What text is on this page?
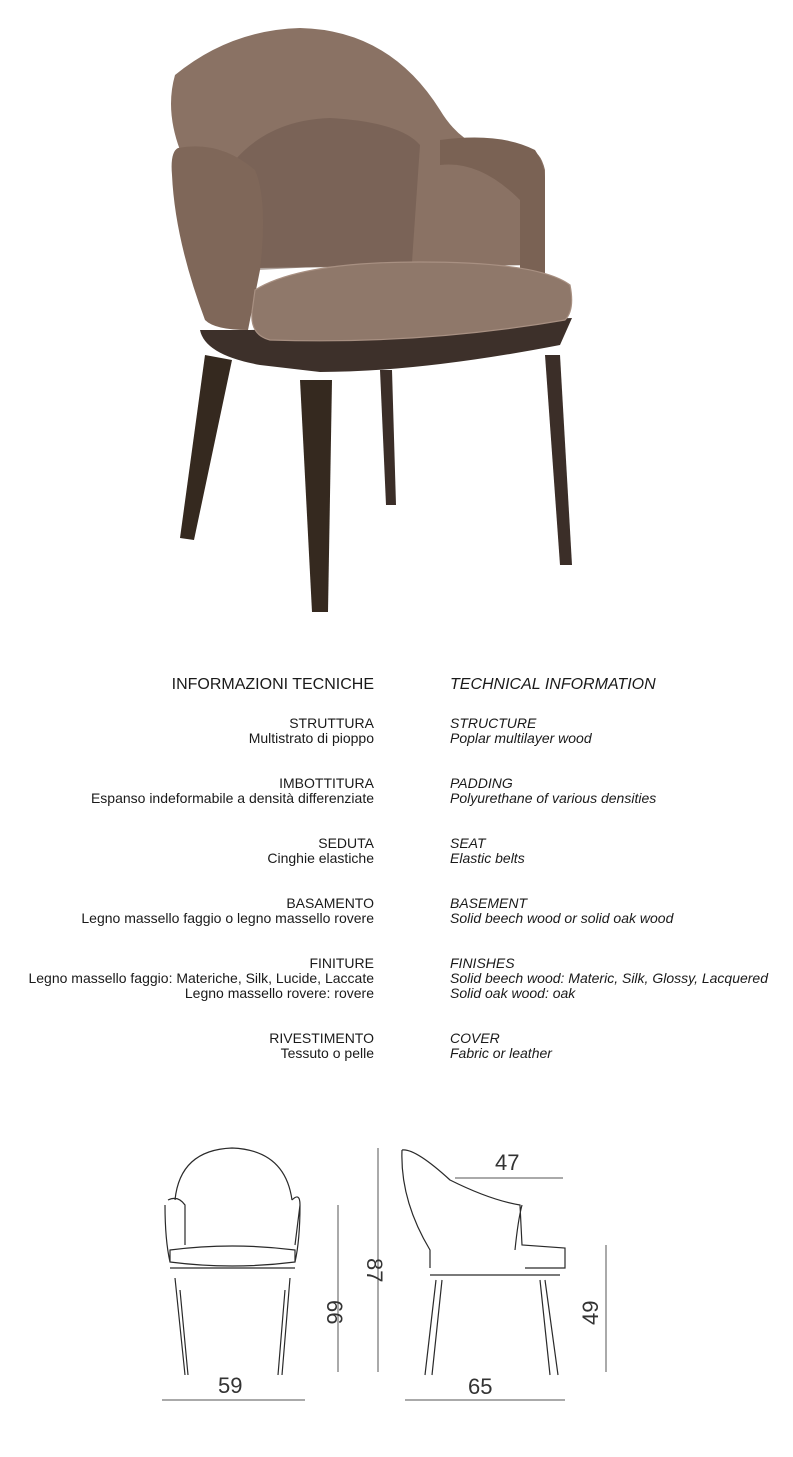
INFORMAZIONI TECNICHE	TECHNICAL INFORMATION
STRUTTURA
Multistrato di pioppo
IMBOTTITURA
Espanso indeformabile a densità differenziate
SEDUTA
Cinghie elastiche
BASAMENTO
Legno massello faggio o legno massello rovere
FINITURE
Legno massello faggio: Materiche, Silk, Lucide, Laccate
Legno massello rovere: rovere
RIVESTIMENTO
Tessuto o pelle
STRUCTURE
Poplar multilayer wood
PADDING
Polyurethane of various densities
SEAT
Elastic belts
BASEMENT
Solid beech wood or solid oak wood
FINISHES
Solid beech wood: Materic, Silk, Glossy, Lacquered
Solid oak wood: oak
COVER
Fabric or leather
59
66
87
47
65
49
